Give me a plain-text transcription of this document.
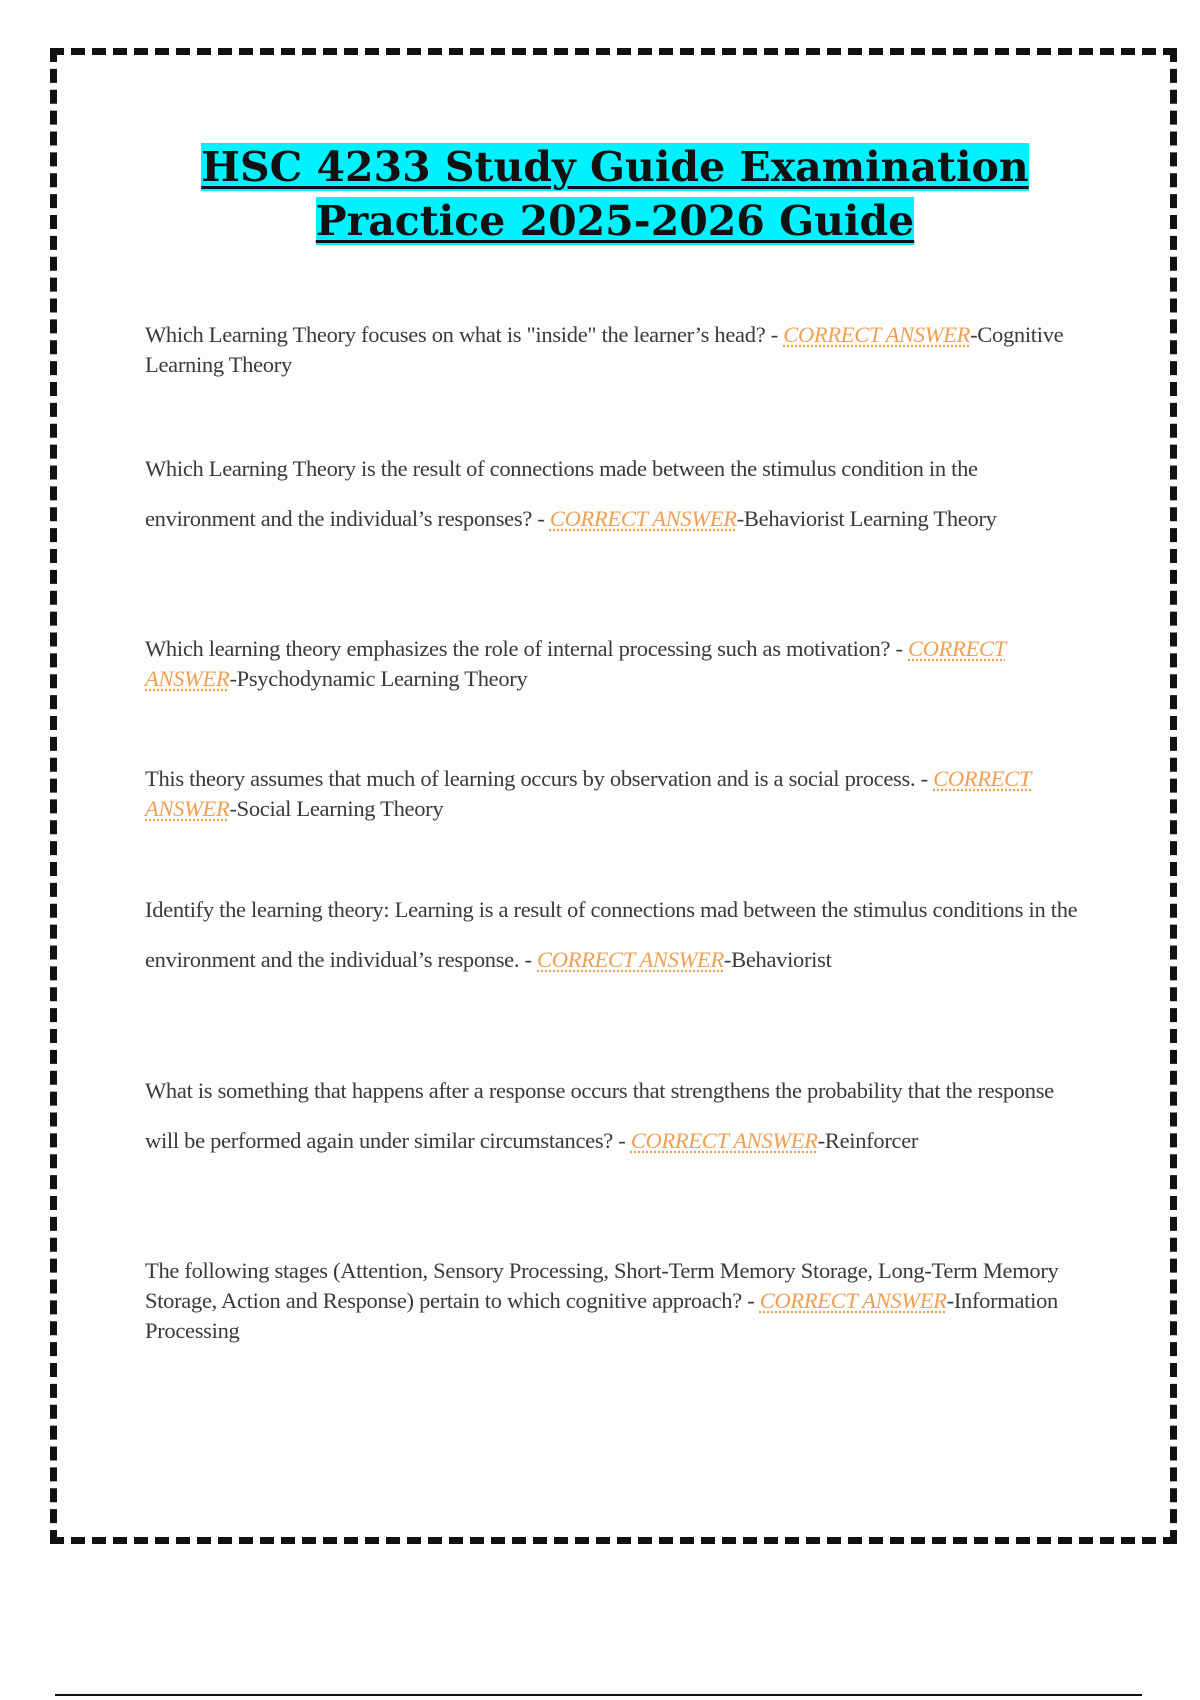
HSC 4233 Study Guide Examination Practice 2025-2026 Guide

Which Learning Theory focuses on what is "inside" the learner’s head? - CORRECT ANSWER-Cognitive Learning Theory

Which Learning Theory is the result of connections made between the stimulus condition in the environment and the individual’s responses? - CORRECT ANSWER-Behaviorist Learning Theory

Which learning theory emphasizes the role of internal processing such as motivation? - CORRECT ANSWER-Psychodynamic Learning Theory

This theory assumes that much of learning occurs by observation and is a social process. - CORRECT ANSWER-Social Learning Theory

Identify the learning theory: Learning is a result of connections mad between the stimulus conditions in the environment and the individual’s response. - CORRECT ANSWER-Behaviorist

What is something that happens after a response occurs that strengthens the probability that the response will be performed again under similar circumstances? - CORRECT ANSWER-Reinforcer

The following stages (Attention, Sensory Processing, Short-Term Memory Storage, Long-Term Memory Storage, Action and Response) pertain to which cognitive approach? - CORRECT ANSWER-Information Processing
